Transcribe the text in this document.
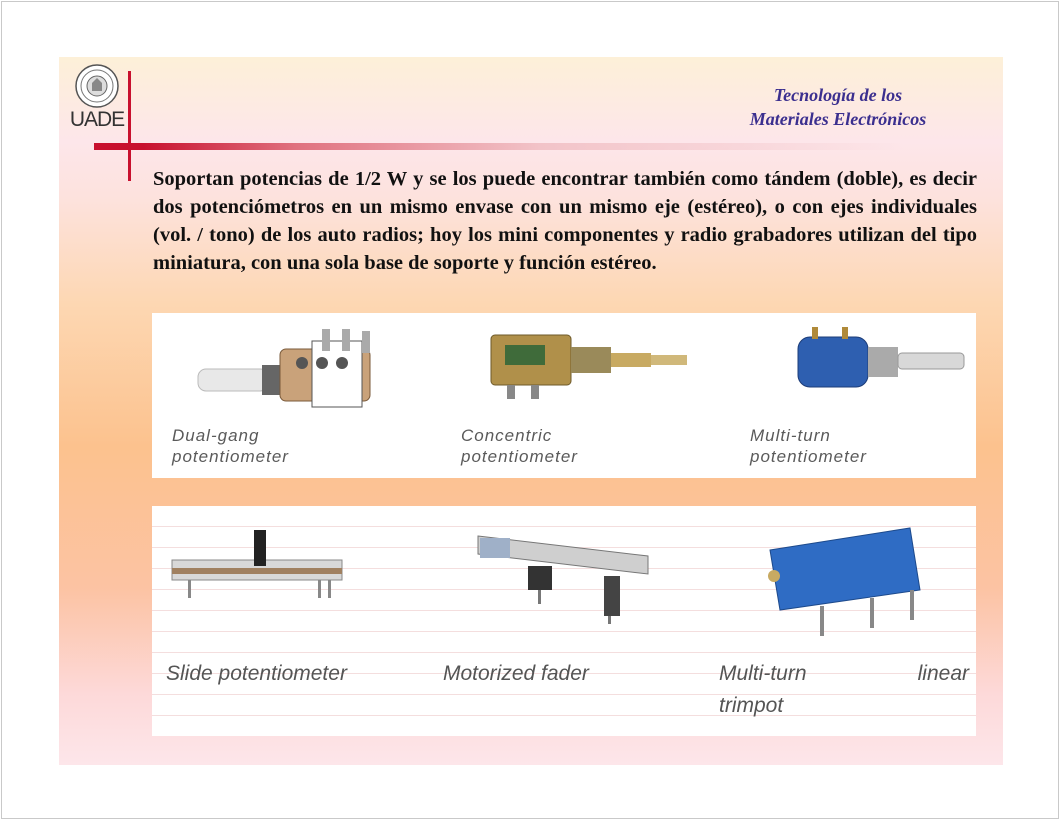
UADE
Tecnología de los
Materiales Electrónicos
Soportan potencias de 1/2 W y se los puede encontrar también como tándem (doble), es decir dos potenciómetros en un mismo envase con un mismo eje (estéreo), o con ejes individuales (vol. / tono) de los auto radios; hoy los mini componentes y radio grabadores utilizan del tipo miniatura, con una sola base de soporte y función estéreo.
Dual-gang
potentiometer
Concentric
potentiometer
Multi-turn
potentiometer
Slide potentiometer	Motorized fader	Multi-turn	linear
trimpot
